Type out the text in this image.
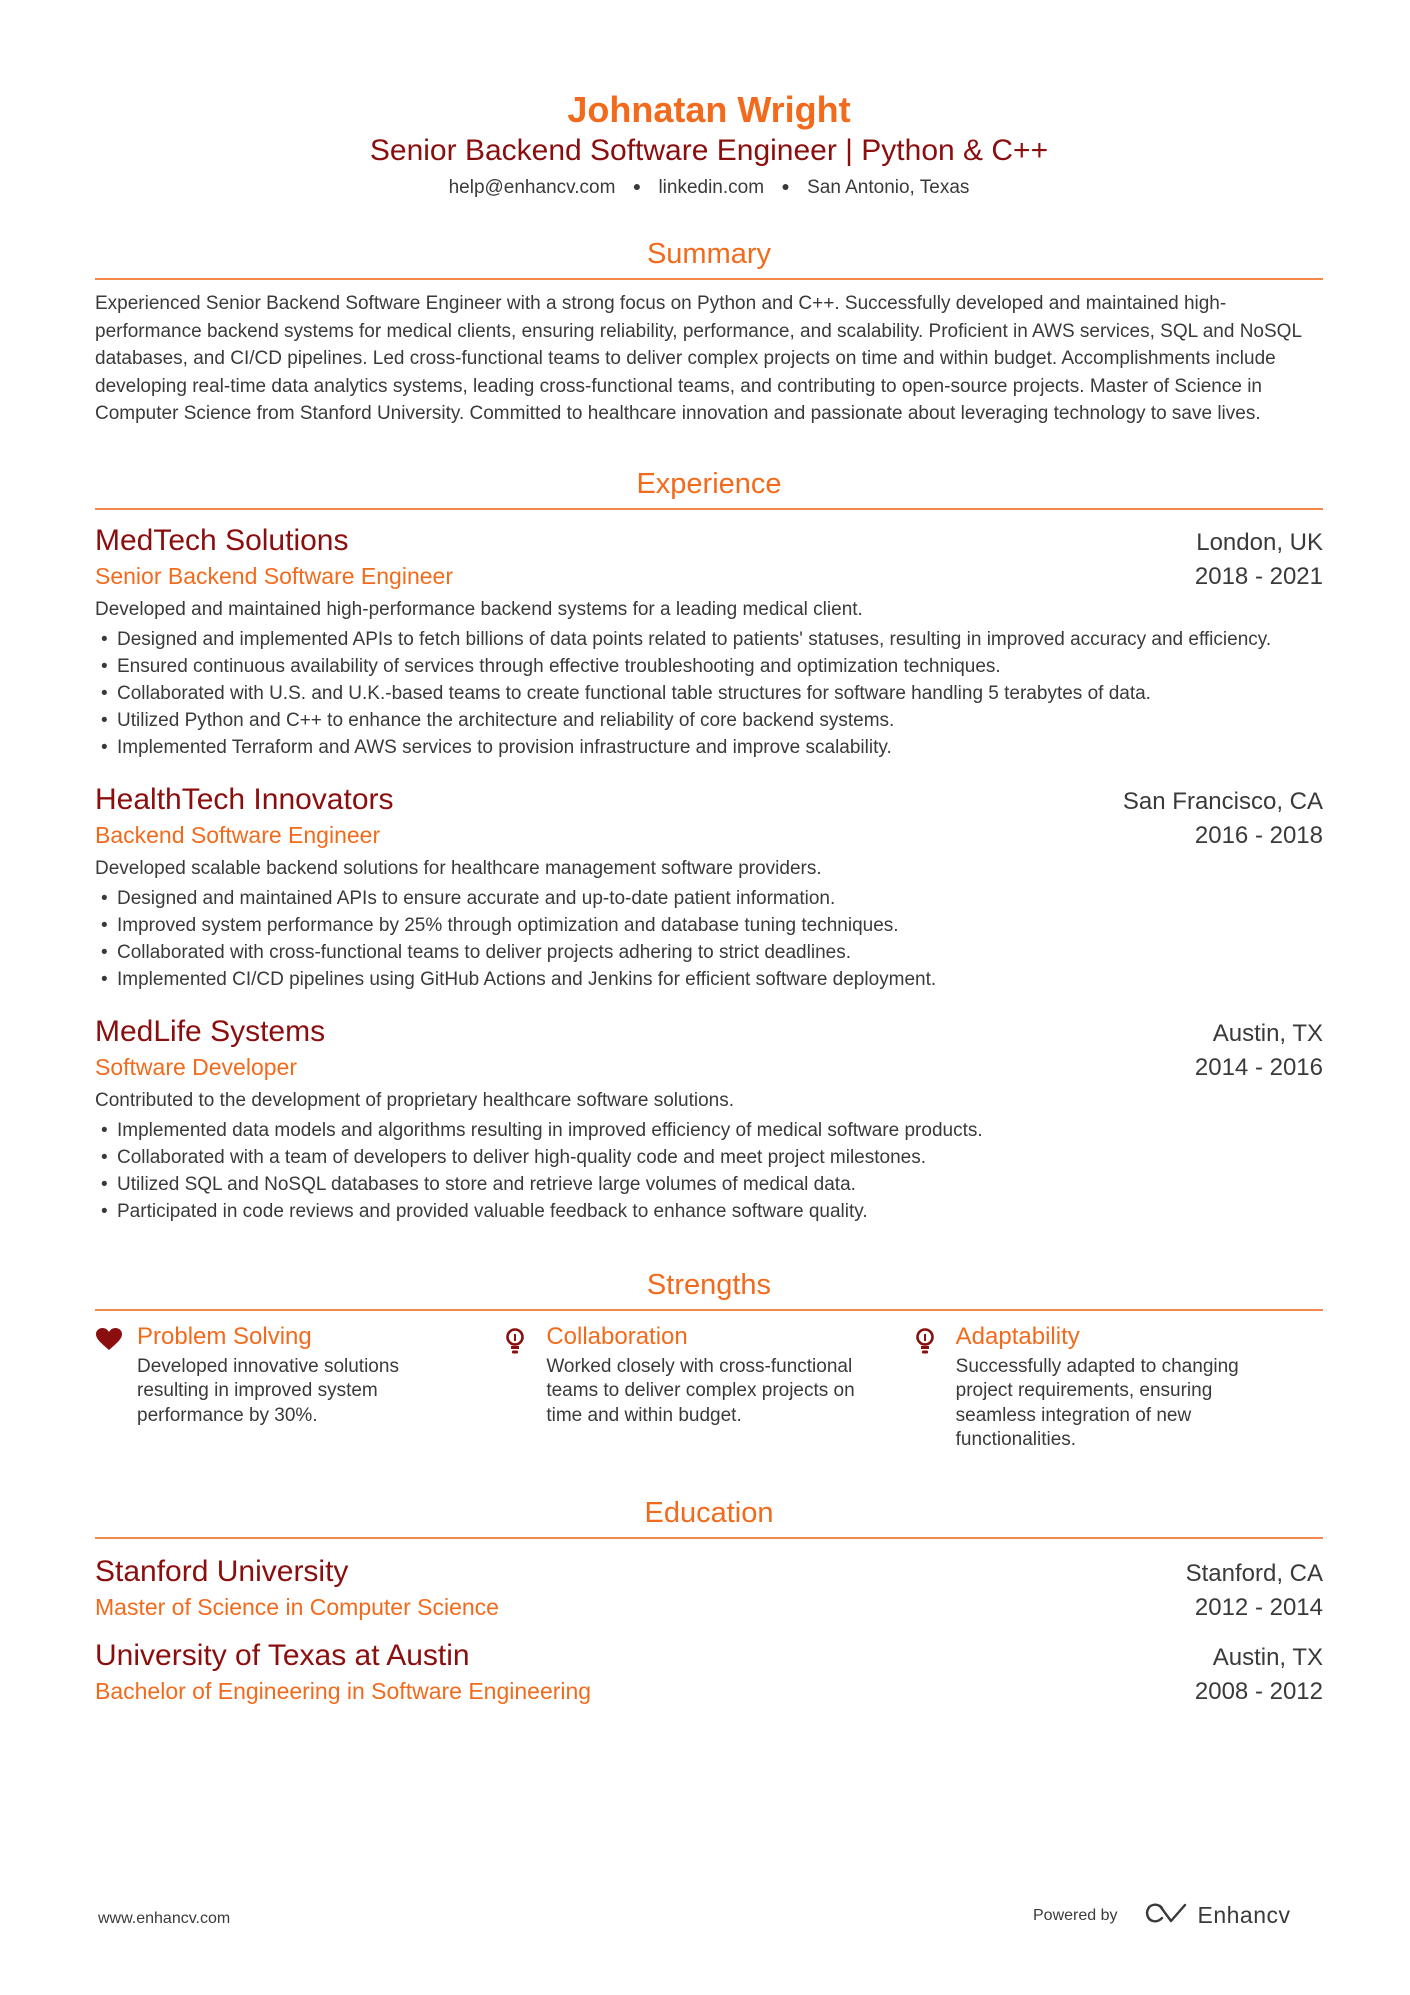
Johnatan Wright
Senior Backend Software Engineer | Python & C++
help@enhancv.com ● linkedin.com ● San Antonio, Texas
Summary
Experienced Senior Backend Software Engineer with a strong focus on Python and C++. Successfully developed and maintained high-performance backend systems for medical clients, ensuring reliability, performance, and scalability. Proficient in AWS services, SQL and NoSQL databases, and CI/CD pipelines. Led cross-functional teams to deliver complex projects on time and within budget. Accomplishments include developing real-time data analytics systems, leading cross-functional teams, and contributing to open-source projects. Master of Science in Computer Science from Stanford University. Committed to healthcare innovation and passionate about leveraging technology to save lives.
Experience
MedTech Solutions	London, UK
Senior Backend Software Engineer	2018 - 2021
Developed and maintained high-performance backend systems for a leading medical client.
• Designed and implemented APIs to fetch billions of data points related to patients' statuses, resulting in improved accuracy and efficiency.
• Ensured continuous availability of services through effective troubleshooting and optimization techniques.
• Collaborated with U.S. and U.K.-based teams to create functional table structures for software handling 5 terabytes of data.
• Utilized Python and C++ to enhance the architecture and reliability of core backend systems.
• Implemented Terraform and AWS services to provision infrastructure and improve scalability.
HealthTech Innovators	San Francisco, CA
Backend Software Engineer	2016 - 2018
Developed scalable backend solutions for healthcare management software providers.
• Designed and maintained APIs to ensure accurate and up-to-date patient information.
• Improved system performance by 25% through optimization and database tuning techniques.
• Collaborated with cross-functional teams to deliver projects adhering to strict deadlines.
• Implemented CI/CD pipelines using GitHub Actions and Jenkins for efficient software deployment.
MedLife Systems	Austin, TX
Software Developer	2014 - 2016
Contributed to the development of proprietary healthcare software solutions.
• Implemented data models and algorithms resulting in improved efficiency of medical software products.
• Collaborated with a team of developers to deliver high-quality code and meet project milestones.
• Utilized SQL and NoSQL databases to store and retrieve large volumes of medical data.
• Participated in code reviews and provided valuable feedback to enhance software quality.
Strengths
Problem Solving
Developed innovative solutions resulting in improved system performance by 30%.
Collaboration
Worked closely with cross-functional teams to deliver complex projects on time and within budget.
Adaptability
Successfully adapted to changing project requirements, ensuring seamless integration of new functionalities.
Education
Stanford University	Stanford, CA
Master of Science in Computer Science	2012 - 2014
University of Texas at Austin	Austin, TX
Bachelor of Engineering in Software Engineering	2008 - 2012
www.enhancv.com	Powered by	Enhancv
